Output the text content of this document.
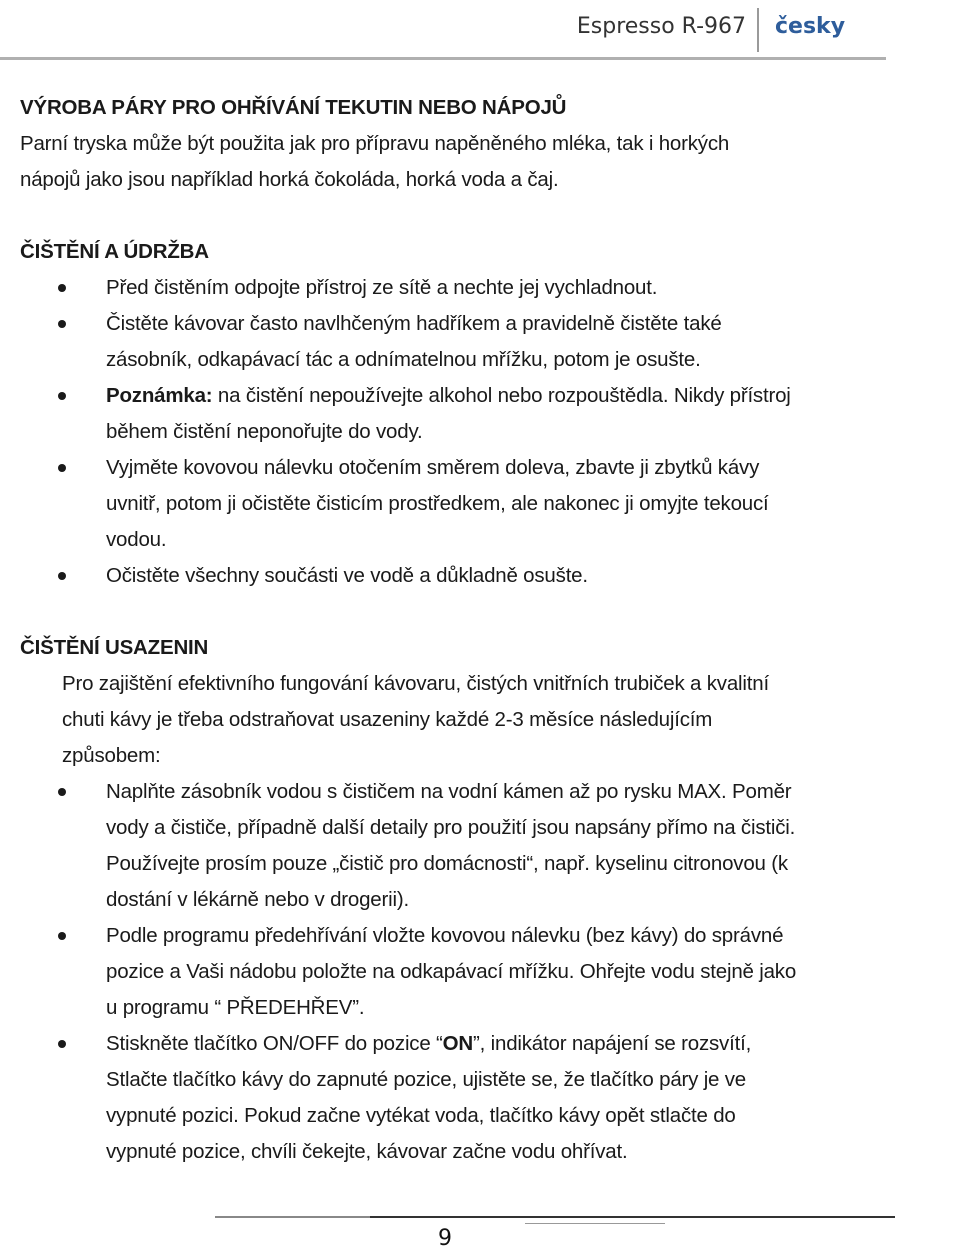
Espresso R-967 česky

VÝROBA PÁRY PRO OHŘÍVÁNÍ TEKUTIN NEBO NÁPOJŮ

Parní tryska může být použita jak pro přípravu napěněného mléka, tak i horkých

nápojů jako jsou například horká čokoláda, horká voda a čaj.

ČIŠTĚNÍ A ÚDRŽBA

Před čistěním odpojte přístroj ze sítě a nechte jej vychladnout.
Čistěte kávovar často navlhčeným hadříkem a pravidelně čistěte také
zásobník, odkapávací tác a odnímatelnou mřížku, potom je osušte.
Poznámka: na čistění nepoužívejte alkohol nebo rozpouštědla. Nikdy přístroj
během čistění neponořujte do vody.
Vyjměte kovovou nálevku otočením směrem doleva, zbavte ji zbytků kávy
uvnitř, potom ji očistěte čisticím prostředkem, ale nakonec ji omyjte tekoucí
vodou.
Očistěte všechny součásti ve vodě a důkladně osušte.

ČIŠTĚNÍ USAZENIN

Pro zajištění efektivního fungování kávovaru, čistých vnitřních trubiček a kvalitní

chuti kávy je třeba odstraňovat usazeniny každé 2-3 měsíce následujícím

způsobem:

Naplňte zásobník vodou s čističem na vodní kámen až po rysku MAX. Poměr
vody a čističe, případně další detaily pro použití jsou napsány přímo na čističi.
Používejte prosím pouze „čistič pro domácnosti“, např. kyselinu citronovou (k
dostání v lékárně nebo v drogerii).
Podle programu předehřívání vložte kovovou nálevku (bez kávy) do správné
pozice a Vaši nádobu položte na odkapávací mřížku. Ohřejte vodu stejně jako
u programu “ PŘEDEHŘEV”.
Stiskněte tlačítko ON/OFF do pozice “ON”, indikátor napájení se rozsvítí,
Stlačte tlačítko kávy do zapnuté pozice, ujistěte se, že tlačítko páry je ve
vypnuté pozici. Pokud začne vytékat voda, tlačítko kávy opět stlačte do
vypnuté pozice, chvíli čekejte, kávovar začne vodu ohřívat.
9
